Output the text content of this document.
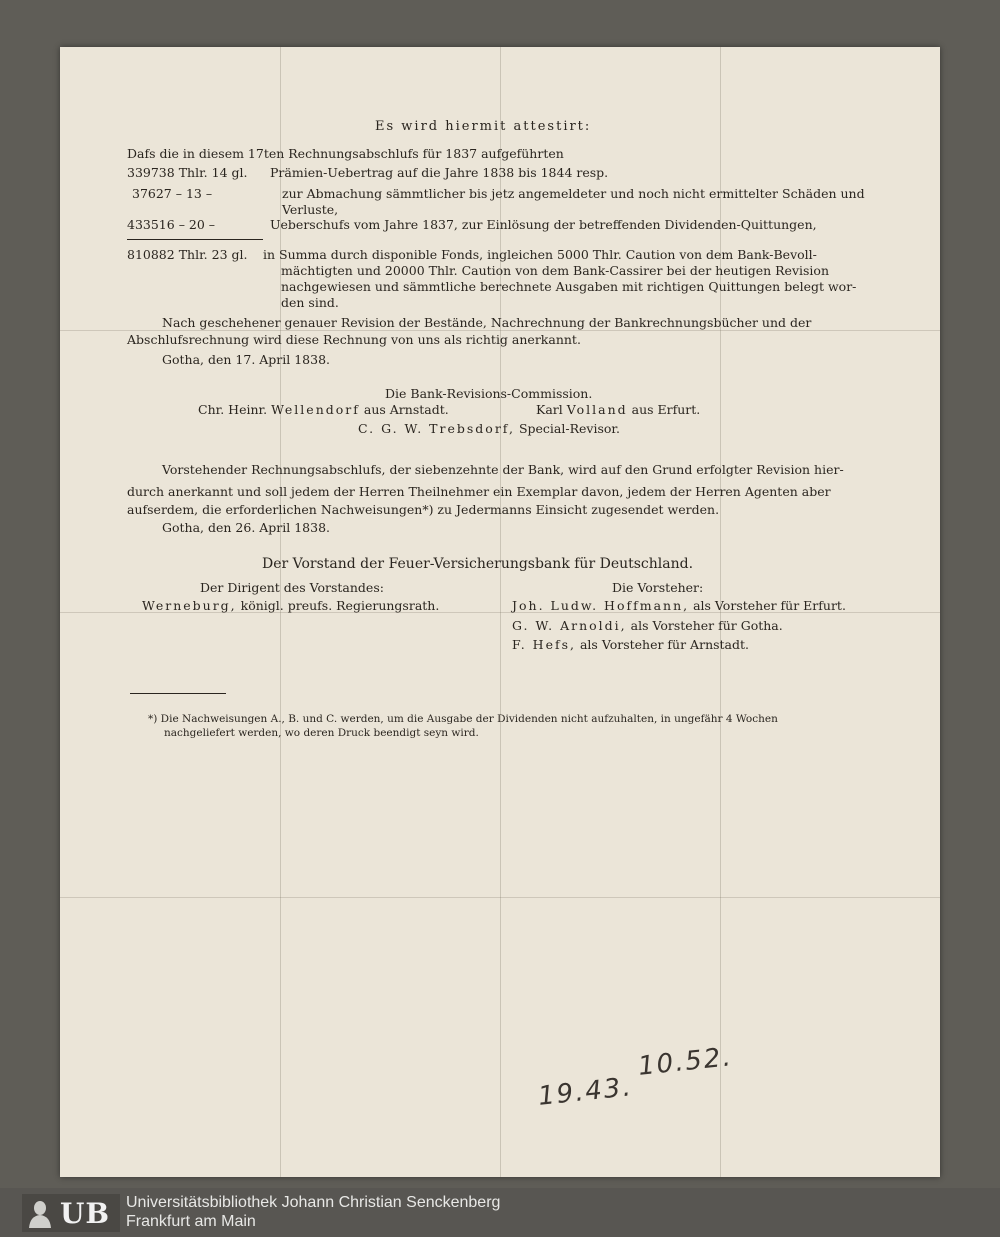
Es wird hiermit attestirt:
Dafs die in diesem 17ten Rechnungsabschlufs für 1837 aufgeführten
339738 Thlr. 14 gl. Prämien-Uebertrag auf die Jahre 1838 bis 1844 resp.
37627 – 13 –	zur Abmachung sämmtlicher bis jetz angemeldeter und noch nicht ermittelter Schäden und
Verluste,
433516 – 20 –	Ueberschufs vom Jahre 1837, zur Einlösung der betreffenden Dividenden-Quittungen,
810882 Thlr. 23 gl. in Summa durch disponible Fonds, ingleichen 5000 Thlr. Caution von dem Bank-Bevoll-
mächtigten und 20000 Thlr. Caution von dem Bank-Cassirer bei der heutigen Revision
nachgewiesen und sämmtliche berechnete Ausgaben mit richtigen Quittungen belegt wor-
den sind.
Nach geschehener genauer Revision der Bestände, Nachrechnung der Bankrechnungsbücher und der
Abschlufsrechnung wird diese Rechnung von uns als richtig anerkannt.
Gotha, den 17. April 1838.
Die Bank-Revisions-Commission.
Chr. Heinr. Wellendorf aus Arnstadt.	Karl Volland aus Erfurt.
C. G. W. Trebsdorf, Special-Revisor.
Vorstehender Rechnungsabschlufs, der siebenzehnte der Bank, wird auf den Grund erfolgter Revision hier-
durch anerkannt und soll jedem der Herren Theilnehmer ein Exemplar davon, jedem der Herren Agenten aber
aufserdem, die erforderlichen Nachweisungen*) zu Jedermanns Einsicht zugesendet werden.
Gotha, den 26. April 1838.
Der Vorstand der Feuer-Versicherungsbank für Deutschland.
Der Dirigent des Vorstandes:	Die Vorsteher:
Werneburg, königl. preufs. Regierungsrath.	Joh. Ludw. Hoffmann, als Vorsteher für Erfurt.
G. W. Arnoldi, als Vorsteher für Gotha.
F. Hefs, als Vorsteher für Arnstadt.
*) Die Nachweisungen A., B. und C. werden, um die Ausgabe der Dividenden nicht aufzuhalten, in ungefähr 4 Wochen
nachgeliefert werden, wo deren Druck beendigt seyn wird.
10.52.
19.43.
UB Universitätsbibliothek Johann Christian Senckenberg
Frankfurt am Main
